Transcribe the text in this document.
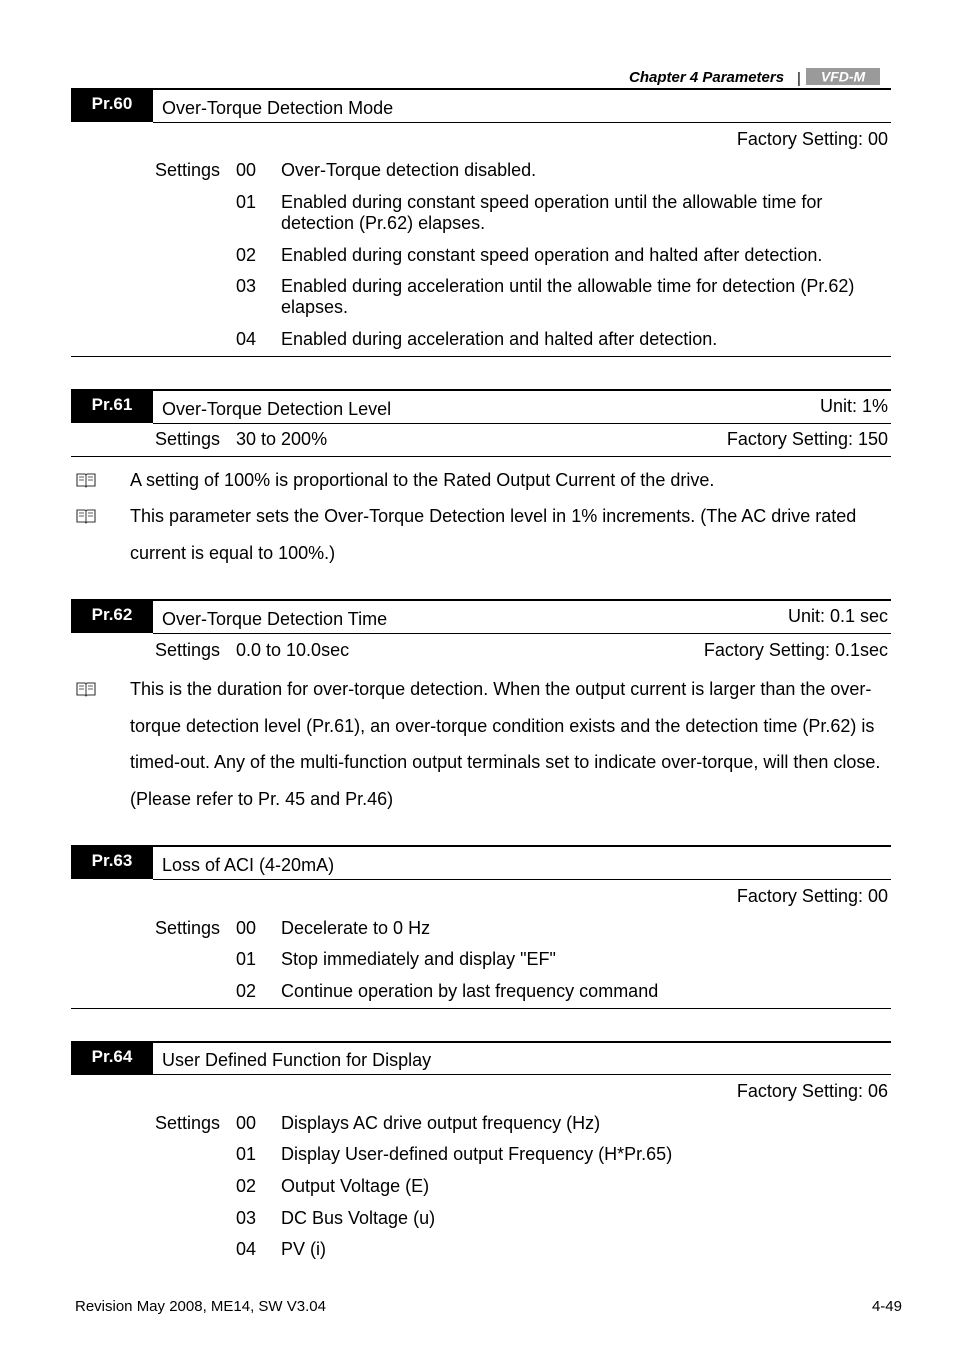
Chapter 4 Parameters | VFD-M
Pr.60	Over-Torque Detection Mode
Factory Setting: 00
Settings 00 Over-Torque detection disabled.
01 Enabled during constant speed operation until the allowable time for detection (Pr.62) elapses.
02 Enabled during constant speed operation and halted after detection.
03 Enabled during acceleration until the allowable time for detection (Pr.62) elapses.
04 Enabled during acceleration and halted after detection.
Pr.61	Over-Torque Detection Level	Unit: 1%
Settings 30 to 200%	Factory Setting: 150
A setting of 100% is proportional to the Rated Output Current of the drive.
This parameter sets the Over-Torque Detection level in 1% increments. (The AC drive rated current is equal to 100%.)
Pr.62	Over-Torque Detection Time	Unit: 0.1 sec
Settings 0.0 to 10.0sec	Factory Setting: 0.1sec
This is the duration for over-torque detection. When the output current is larger than the over-torque detection level (Pr.61), an over-torque condition exists and the detection time (Pr.62) is timed-out. Any of the multi-function output terminals set to indicate over-torque, will then close. (Please refer to Pr. 45 and Pr.46)
Pr.63	Loss of ACI (4-20mA)
Factory Setting: 00
Settings 00 Decelerate to 0 Hz
01 Stop immediately and display "EF"
02 Continue operation by last frequency command
Pr.64	User Defined Function for Display
Factory Setting: 06
Settings 00 Displays AC drive output frequency (Hz)
01 Display User-defined output Frequency (H*Pr.65)
02 Output Voltage (E)
03 DC Bus Voltage (u)
04 PV (i)
Revision May 2008, ME14, SW V3.04	4-49
